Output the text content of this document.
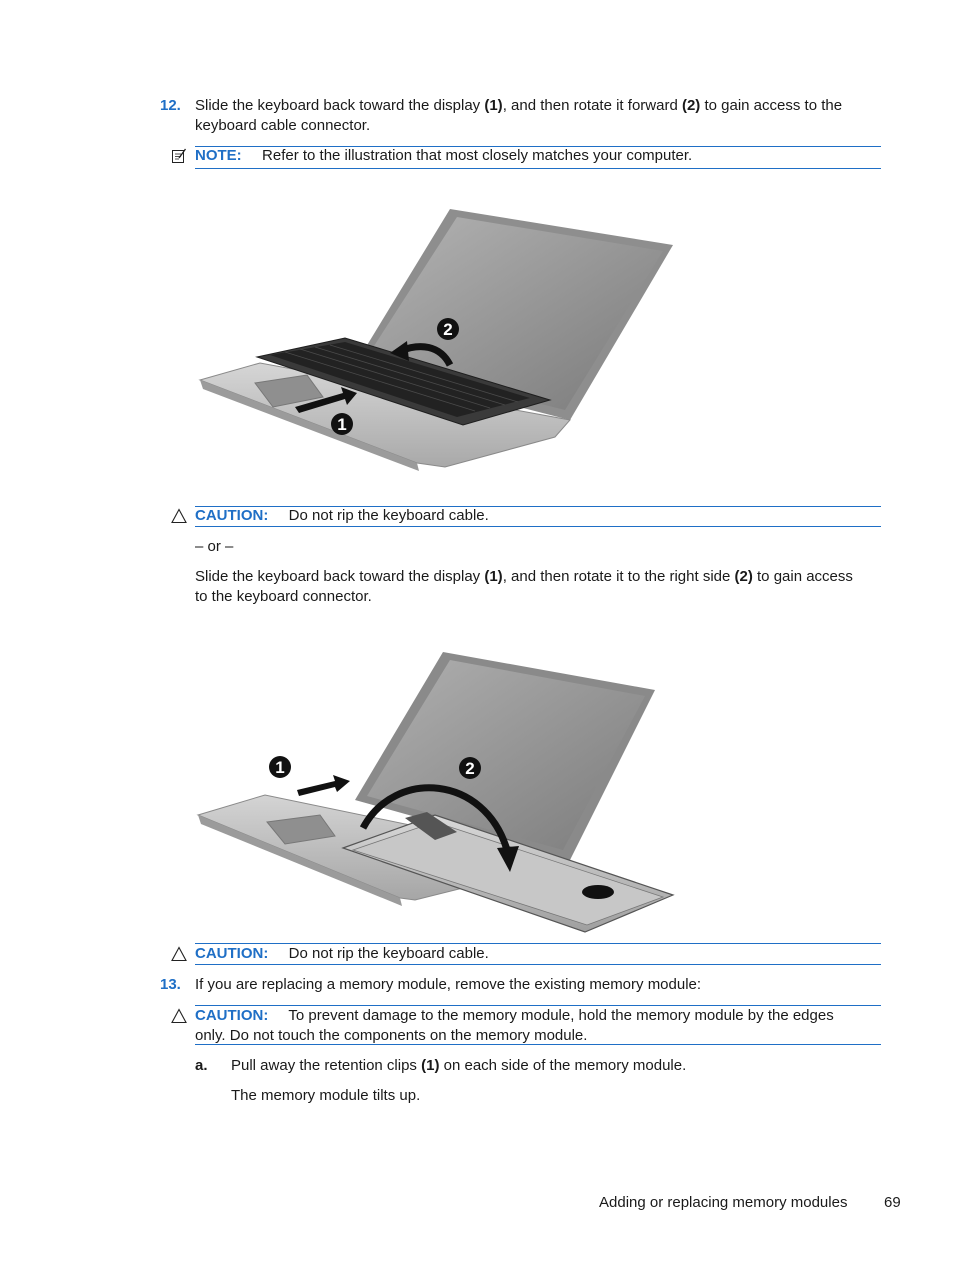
12. Slide the keyboard back toward the display (1), and then rotate it forward (2) to gain access to the
keyboard cable connector.
NOTE: Refer to the illustration that most closely matches your computer.
1
2
CAUTION: Do not rip the keyboard cable.
– or –
Slide the keyboard back toward the display (1), and then rotate it to the right side (2) to gain access
to the keyboard connector.
1	2
CAUTION: Do not rip the keyboard cable.
13. If you are replacing a memory module, remove the existing memory module:
CAUTION: To prevent damage to the memory module, hold the memory module by the edges
only. Do not touch the components on the memory module.
a. Pull away the retention clips (1) on each side of the memory module.
The memory module tilts up.
Adding or replacing memory modules 69
